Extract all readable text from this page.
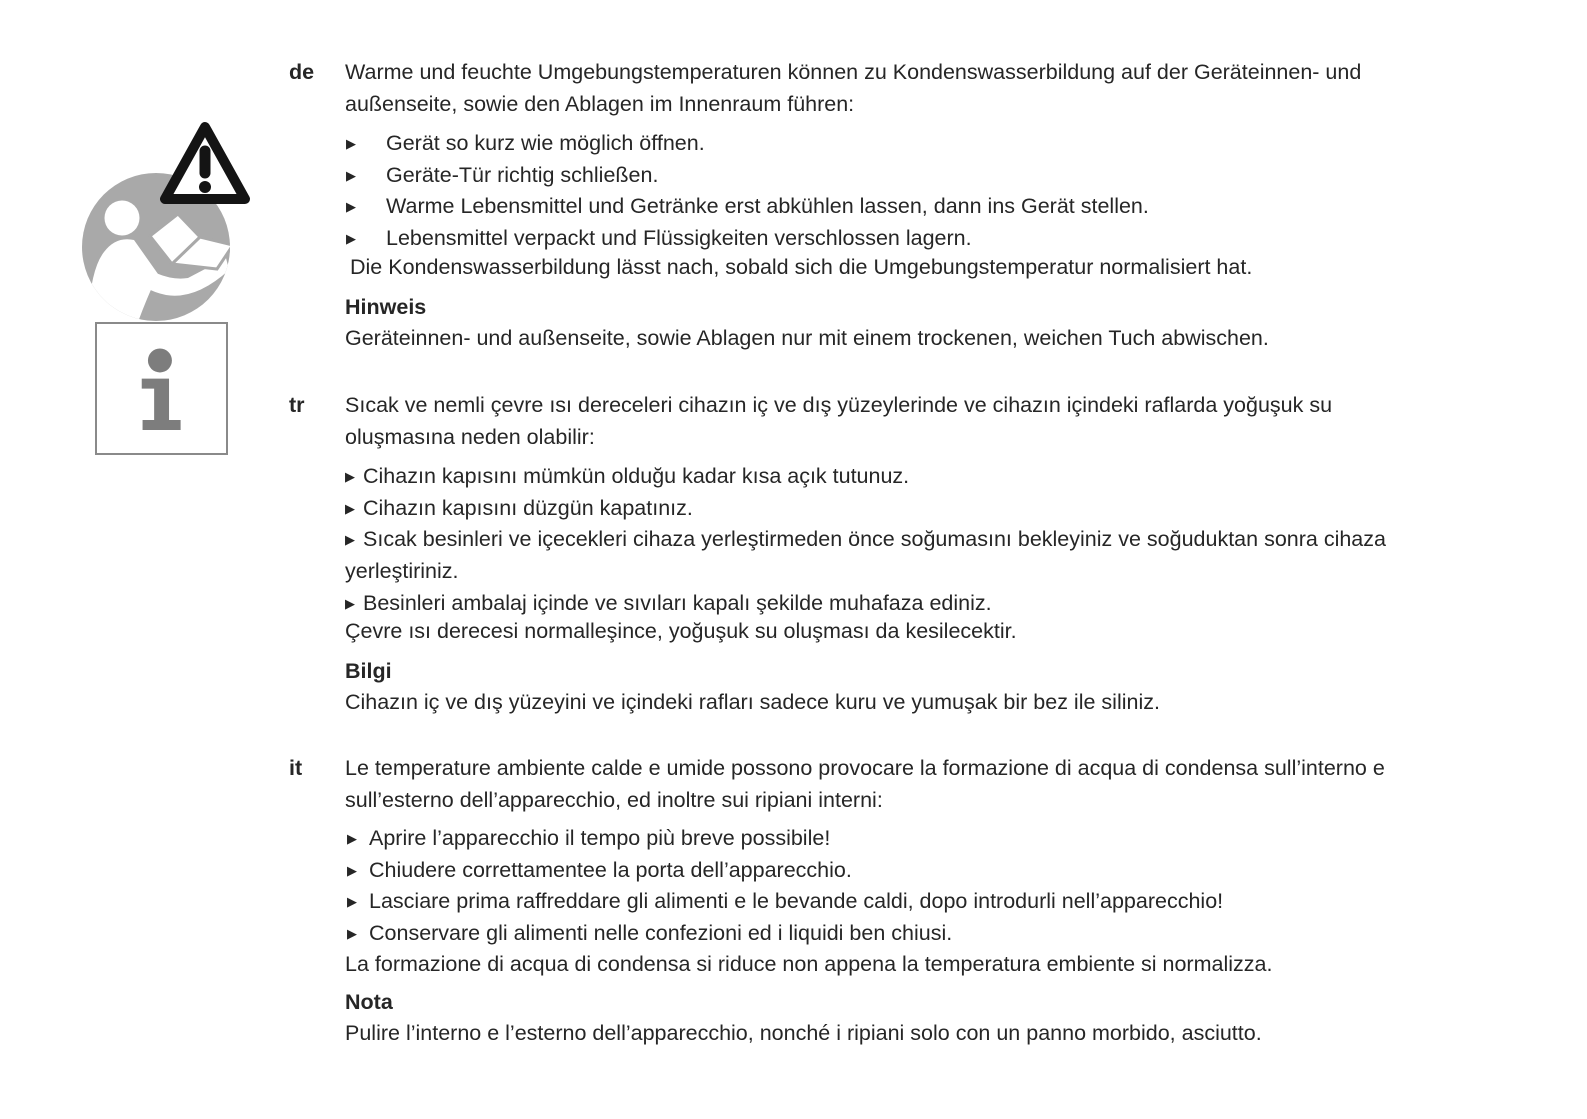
de	Warme und feuchte Umgebungstemperaturen können zu Kondenswasserbildung auf der Geräteinnen- und
außenseite, sowie den Ablagen im Innenraum führen:
▶	Gerät so kurz wie möglich öffnen.
▶	Geräte-Tür richtig schließen.
▶	Warme Lebensmittel und Getränke erst abkühlen lassen, dann ins Gerät stellen.
▶	Lebensmittel verpackt und Flüssigkeiten verschlossen lagern.
Die Kondenswasserbildung lässt nach, sobald sich die Umgebungstemperatur normalisiert hat.
Hinweis
Geräteinnen- und außenseite, sowie Ablagen nur mit einem trockenen, weichen Tuch abwischen.
tr	Sıcak ve nemli çevre ısı dereceleri cihazın iç ve dış yüzeylerinde ve cihazın içindeki raflarda yoğuşuk su
oluşmasına neden olabilir:
▶ Cihazın kapısını mümkün olduğu kadar kısa açık tutunuz.
▶ Cihazın kapısını düzgün kapatınız.
▶ Sıcak besinleri ve içecekleri cihaza yerleştirmeden önce soğumasını bekleyiniz ve soğuduktan sonra cihaza
yerleştiriniz.
▶ Besinleri ambalaj içinde ve sıvıları kapalı şekilde muhafaza ediniz.
Çevre ısı derecesi normalleşince, yoğuşuk su oluşması da kesilecektir.
Bilgi
Cihazın iç ve dış yüzeyini ve içindeki rafları sadece kuru ve yumuşak bir bez ile siliniz.
it	Le temperature ambiente calde e umide possono provocare la formazione di acqua di condensa sull’interno e
sull’esterno dell’apparecchio, ed inoltre sui ripiani interni:
▶ Aprire l’apparecchio il tempo più breve possibile!
▶ Chiudere correttamentee la porta dell’apparecchio.
▶ Lasciare prima raffreddare gli alimenti e le bevande caldi, dopo introdurli nell’apparecchio!
▶ Conservare gli alimenti nelle confezioni ed i liquidi ben chiusi.
La formazione di acqua di condensa si riduce non appena la temperatura embiente si normalizza.
Nota
Pulire l’interno e l’esterno dell’apparecchio, nonché i ripiani solo con un panno morbido, asciutto.
